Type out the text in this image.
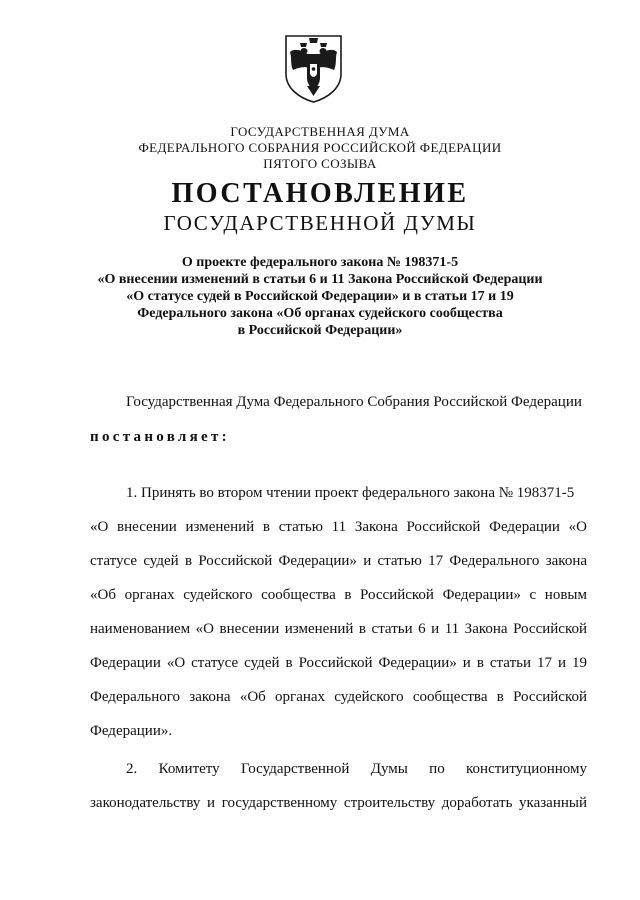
ГОСУДАРСТВЕННАЯ ДУМА
ФЕДЕРАЛЬНОГО СОБРАНИЯ РОССИЙСКОЙ ФЕДЕРАЦИИ
ПЯТОГО СОЗЫВА
ПОСТАНОВЛЕНИЕ
ГОСУДАРСТВЕННОЙ ДУМЫ
О проекте федерального закона № 198371-5
«О внесении изменений в статьи 6 и 11 Закона Российской Федерации
«О статусе судей в Российской Федерации» и в статьи 17 и 19
Федерального закона «Об органах судейского сообщества
в Российской Федерации»
Государственная Дума Федерального Собрания Российской Федерации
постановляет:
1. Принять во втором чтении проект федерального закона № 198371-5
«О внесении изменений в статью 11 Закона Российской Федерации «О
статусе судей в Российской Федерации» и статью 17 Федерального закона
«Об органах судейского сообщества в Российской Федерации» с новым
наименованием «О внесении изменений в статьи 6 и 11 Закона Российской
Федерации «О статусе судей в Российской Федерации» и в статьи 17 и 19
Федерального закона «Об органах судейского сообщества в Российской
Федерации».
2. Комитету Государственной Думы по конституционному
законодательству и государственному строительству доработать указанный
